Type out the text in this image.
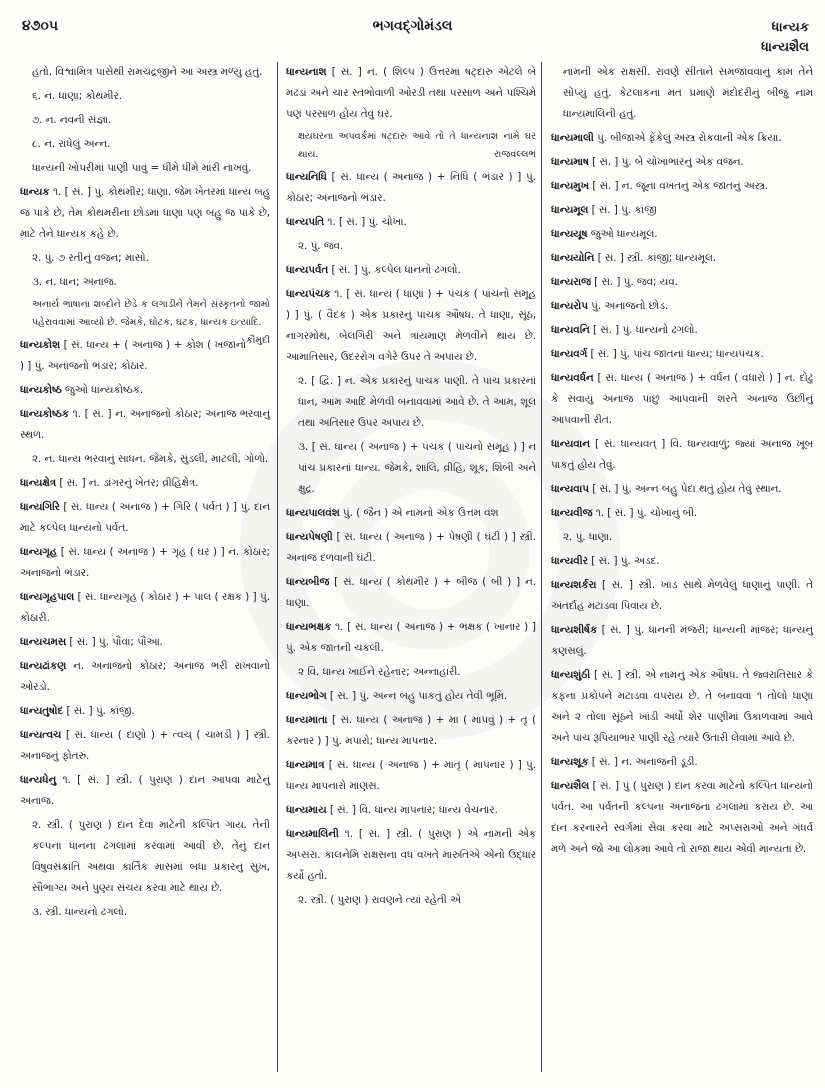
૪૭૦૫	ભગવદ્ગોમંડલ	ધાન્યક
ધાન્યશૈલ
હતો. વિશ્વામિત્ર પાસેથી રામચંદ્રજીને આ અસ્ત્ર મળ્યું હતું.
૬. ન. ધાણા; કોથમીર.
૭. ન. નવની સંજ્ઞા.
૮. ન. રાંધેલું અન્ન.
ધાન્યની ખોપરીમાં પાણી પાવું = ધીમે ધીમે મારી નાખવું.
ધાન્યક ૧. [ સં. ] પું. કોથમીર; ધાણા. જેમ ખેતરમાં ધાન્ય બહુ જ પાકે છે, તેમ કોથમરીના છોડમાં ધાણા પણ બહુ જ પાકે છે, માટે તેને ધાન્યક કહે છે.
૨. પું. ૭ રતીનું વજન; માસો.
૩. ન. ધાન; અનાજ.
અનાર્ય ભાષાના શબ્દોને છેડે ક લગાડીને તેમને સંસ્કૃતનો જામો પહેરાવવામાં આવ્યો છે. જેમકે, ઘોટક, ઘટક, ધાન્યક ઇત્યાદિ.
કૌમુદી
ધાન્યકોશ [ સં. ધાન્ય + ( અનાજ ) + કોશ ( ખજાનો ) ] પું. અનાજનો ભંડાર; કોઠાર.
ધાન્યકોષ્ઠ જુઓ ધાન્યકોષ્ઠક.
ધાન્યકોષ્ઠક ૧. [ સં. ] ન. અનાજનો કોઠાર; અનાજ ભરવાનું સ્થળ.
૨. ન. ધાન્ય ભરવાનું સાધન. જેમકે, સુંડલી, માટલી, ગોળો.
ધાન્યક્ષેત્ર [ સં. ] ન. ડાંગરનું ખેતર; વ્રીહિક્ષેત્ર.
ધાન્યગિરિ [ સં. ધાન્ય ( અનાજ ) + ગિરિ ( પર્વત ) ] પું. દાન માટે કલ્પેલ ધાન્યનો પર્વત.
ધાન્યગૃહ [ સં. ધાન્ય ( અનાજ ) + ગૃહ ( ઘર ) ] ન. કોઠાર; અનાજનો ભંડાર.
ધાન્યગૃહપાલ [ સં. ધાન્યગૃહ ( કોઠાર ) + પાલ ( રક્ષક ) ] પું. કોઠારી.
ધાન્યચમસ [ સં. ] પું. પૌંવા; પૌંઆ.
ધાન્યઢાંકણ ન. અનાજનો કોઠાર; અનાજ ભરી રાખવાનો ઓરડો.
ધાન્યતુષોદ [ સં. ] પું. કાંજી.
ધાન્યત્વચ [ સં. ધાન્ય ( દાણો ) + ત્વચ્ ( ચામડી ) ] સ્ત્રી. અનાજનું ફોતરું.
ધાન્યધેનુ ૧. [ સં. ] સ્ત્રી. ( પુરાણ ) દાન આપવા માટેનું અનાજ.
૨. સ્ત્રી. ( પુરાણ ) દાન દેવા માટેની કલ્પિત ગાય. તેની કલ્પના ધાનના ઢગલામાં કરવામાં આવી છે. તેનું દાન વિષુવસંક્રાંતિ અથવા કાર્તિક માસમાં બધા પ્રકારનું સુખ, સૌભાગ્ય અને પુણ્ય સંચય કરવા માટે થાય છે.
૩. સ્ત્રી. ધાન્યનો ઢગલો.
ધાન્યનાશ [ સં. ] ન. ( શિલ્પ ) ઉત્તરમાં ષટ્દારુ એટલે બે મઢડાં અને ચાર સ્તંભોવાળી ઓરડી તથા પરસાળ અને પશ્ચિમે પણ પરસાળ હોય તેવું ઘર.
ક્ષયઘરના અપવર્કમાં ષટ્દારુ આવે તો તે ધાન્યનાશ નામે ઘર થાય.	રાજવલ્લભ
ધાન્યનિધિ [ સં. ધાન્ય ( અનાજ ) + નિધિ ( ભંડાર ) ] પું. કોઠાર; અનાજનો ભંડાર.
ધાન્યપતિ ૧. [ સં. ] પું. ચોખા.
૨. પું. જવ.
ધાન્યપર્વત [ સં. ] પું. કલ્પેલ ધાનનો ઢગલો.
ધાન્યપંચક ૧. [ સં. ધાન્ય ( ધાણા ) + પંચક ( પાંચનો સમૂહ ) ] પું. ( વૈદક ) એક પ્રકારનું પાચક ઔષધ. તે ધાણા, સૂંઠ, નાગરમોથ, બેલગિરી અને ત્રાયમાણ મેળવીને થાય છે. આમાતિસાર, ઉદરરોગ વગેરે ઉપર તે અપાય છે.
૨. [ દ્વિ. ] ન. એક પ્રકારનું પાચક પાણી. તે પાંચ પ્રકારનાં ધાન, આમ આદિ મેળવી બનાવવામાં આવે છે. તે આમ, શૂલ તથા અતિસાર ઉપર અપાય છે.
૩. [ સં. ધાન્ય ( અનાજ ) + પંચક ( પાંચનો સમૂહ ) ] ન પાંચ પ્રકારનાં ધાન્ય. જેમકે, શાલિ, વ્રીહિ, શૂક, શિંબી અને ક્ષુદ્ર.
ધાન્યપાલવંશ પું. ( જૈન ) એ નામનો એક ઉત્તમ વંશ
ધાન્યપેષણી [ સં. ધાન્ય ( અનાજ ) + પેષણી ( ઘંટી ) ] સ્ત્રી. અનાજ દળવાની ઘંટી.
ધાન્યબીજ [ સં. ધાન્ય ( કોથમીર ) + બીજ ( બી ) ] ન. ધાણા.
ધાન્યભક્ષક ૧. [ સં. ધાન્ય ( અનાજ ) + ભક્ષક ( ખાનાર ) ] પું. એક જાતની ચકલી.
૨ વિ. ધાન્ય ખાઈને રહેનાર; અન્નાહારી.
ધાન્યભોગ [ સં. ] પું. અન્ન બહુ પાકતું હોય તેવી ભૂમિ.
ધાન્યમાતા [ સં. ધાન્ય ( અનાજ ) + મા ( માપવું ) + તૃ ( કરનાર ) ] પું. મપારો; ધાન્ય માપનાર.
ધાન્યમાત્ર [ સં. ધાન્ય ( અનાજ ) + માતૃ ( માપનાર ) ] પું. ધાન્ય માપનારો માણસ.
ધાન્યમાય [ સં. ] વિ. ધાન્ય માપનાર; ધાન્ય વેચનાર.
ધાન્યમાલિની ૧. [ સં. ] સ્ત્રી. ( પુરાણ ) એ નામની એક અપ્સરા. કાલનેમિ રાક્ષસના વધ વખતે મારુતિએ એનો ઉદ્ધાર કર્યો હતો.
૨. સ્ત્રી. ( પુરાણ ) રાવણને ત્યાં રહેતી એ
નામની એક રાક્ષસી. રાવણે સીતાને સમજાવવાનું કામ તેને સોંપ્યું હતું. કેટલાકના મત પ્રમાણે મંદોદરીનું બીજું નામ ધાન્યમાલિની હતું.
ધાન્યમાલી પું. બીજાએ ફેંકેલું અસ્ત્ર રોકવાની એક ક્રિયા.
ધાન્યમાષ [ સં. ] પું. બે ચોખાભારનું એક વજન.
ધાન્યમુખ [ સં. ] ન. જૂના વખતનું એક જાતનું અસ્ત્ર.
ધાન્યમૂલ [ સં. ] પું. કાંજી
ધાન્યયૂષ જુઓ ધાન્યમૂલ.
ધાન્યયોનિ [ સં. ] સ્ત્રી. કાંજી; ધાન્યમૂલ.
ધાન્યરાજ [ સં. ] પું. જવ; યવ.
ધાન્યરોપ પું. અનાજનો છોડ.
ધાન્યવનિ [ સં. ] પું. ધાન્યનો ઢગલો.
ધાન્યવર્ગ [ સં. ] પું. પાંચ જાતનાં ધાન્ય; ધાન્યપંચક.
ધાન્યવર્ધન [ સં. ધાન્ય ( અનાજ ) + વર્ધન ( વધારો ) ] ન. દોઢું કે સવાયું અનાજ પાછું આપવાની શરતે અનાજ ઉછીનું આપવાની રીત.
ધાન્યવાન [ સં. ધાન્યવત્ ] વિ. ધાન્યવાળું; જ્યાં અનાજ ખૂબ પાકતું હોય તેવું.
ધાન્યવાપ [ સં. ] પું. અન્ન બહુ પેદા થતું હોય તેવું સ્થાન.
ધાન્યવીજ ૧. [ સં. ] પું. ચોખાનું બી.
૨. પું. ધાણા.
ધાન્યવીર [ સં. ] પું. અડદ.
ધાન્યશર્કરા [ સં. ] સ્ત્રી. ખાંડ સાથે મેળવેલું ધાણાનું પાણી. તે અંતર્દાહ મટાડવા પિવાય છે.
ધાન્યશીર્ષક [ સં. ] પું. ધાનની મંજરી; ધાન્યની માંજર; ધાન્યનું કણસલું.
ધાન્યશુંઠી [ સં. ] સ્ત્રી. એ નામનું એક ઔષધ. તે જ્વરાતિસાર કે કફના પ્રકોપને મટાડવા વપરાય છે. તે બનાવવા ૧ તોલો ધાણા અને ૨ તોલા સૂંઠને ખાંડી અર્ધો શેર પાણીમાં ઉકાળવામાં આવે અને પાંચ રૂપિયાભાર પાણી રહે ત્યારે ઉતારી લેવામાં આવે છે.
ધાન્યશૂક [ સં. ] ન. અનાજની ડૂંડી.
ધાન્યશૈલ [ સં. ] પું ( પુરાણ ) દાન કરવા માટેનો કલ્પિત ધાન્યનો પર્વત. આ પર્વતની કલ્પના અનાજના ઢગલામાં કરાય છે. આ દાન કરનારને સ્વર્ગમાં સેવા કરવા માટે અપ્સરાઓ અને ગંધર્વ મળે અને જો આ લોકમાં આવે તો રાજા થાય એવી માન્યતા છે.
